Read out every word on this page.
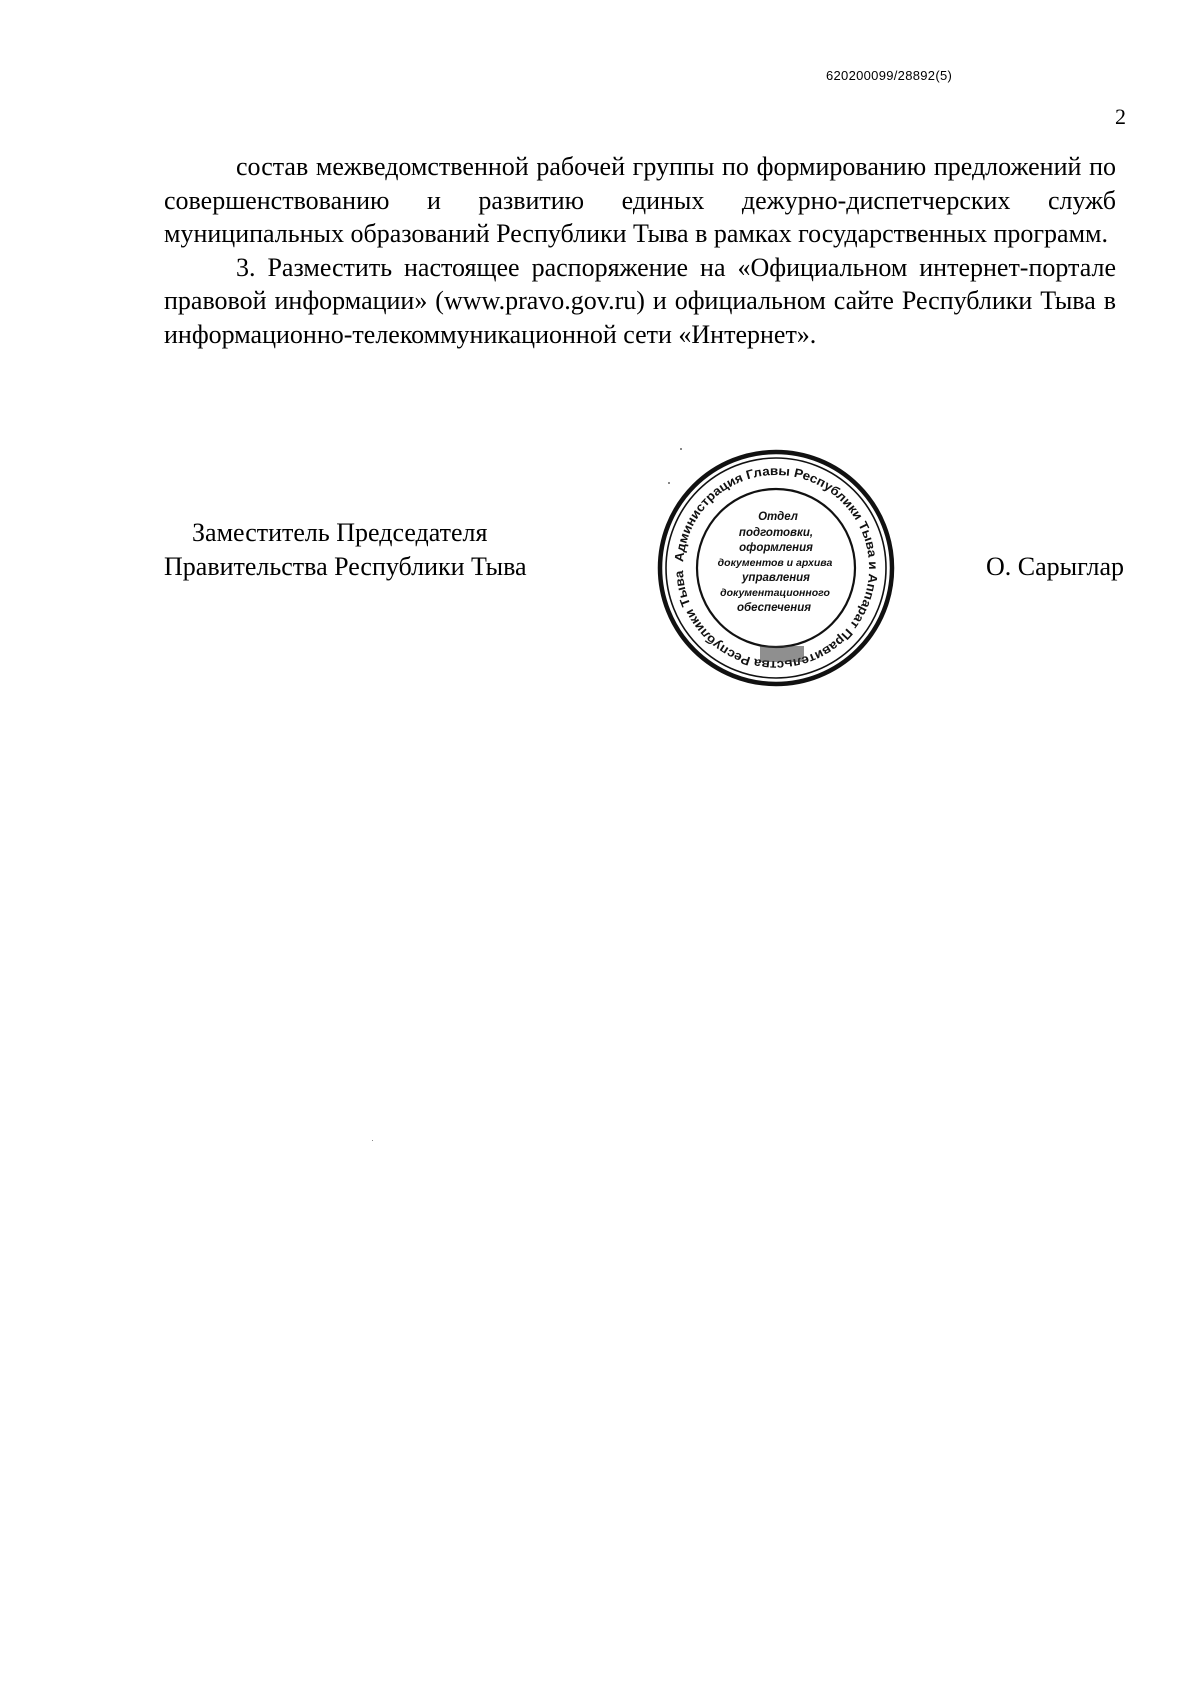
620200099/28892(5)
2

состав межведомственной рабочей группы по формированию предложений по совершенствованию и развитию единых дежурно-диспетчерских служб муниципальных образований Республики Тыва в рамках государственных программ.

3. Разместить настоящее распоряжение на «Официальном интернет-портале правовой информации» (www.pravo.gov.ru) и официальном сайте Республики Тыва в информационно-телекоммуникационной сети «Интернет».

Заместитель Председателя
Правительства Республики Тыва	Администрация Главы Республики Тыва и Аппарат Правительства Республики Тыва
Отдел
подготовки,
оформления
документов и архива
управления
документационного
обеспечения
О. Сарыглар
